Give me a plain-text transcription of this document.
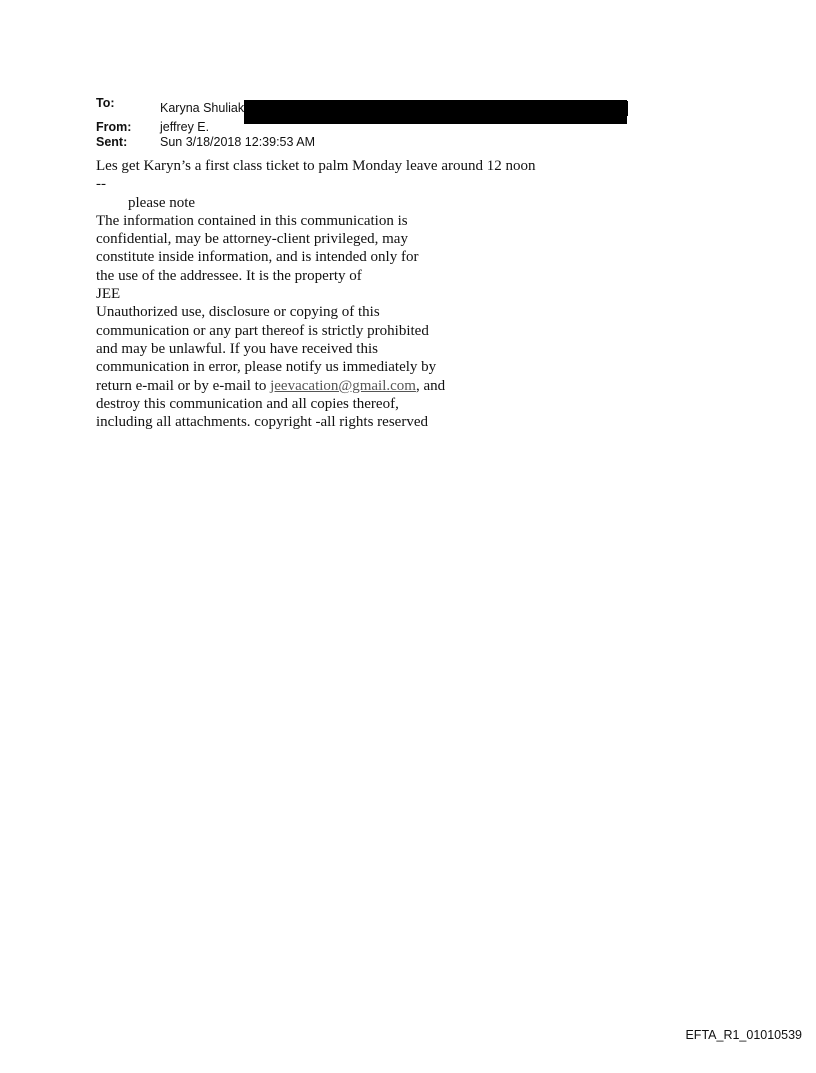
To:	Karyna Shuliak
From:	jeffrey E.
Sent:	Sun 3/18/2018 12:39:53 AM

Les get Karyn’s a first class ticket to palm Monday leave around 12 noon

--

please note

The information contained in this communication is

confidential, may be attorney-client privileged, may

constitute inside information, and is intended only for

the use of the addressee. It is the property of

JEE

Unauthorized use, disclosure or copying of this

communication or any part thereof is strictly prohibited

and may be unlawful. If you have received this

communication in error, please notify us immediately by

return e-mail or by e-mail to jeevacation@gmail.com, and

destroy this communication and all copies thereof,

including all attachments. copyright -all rights reserved

EFTA_R1_01010539
